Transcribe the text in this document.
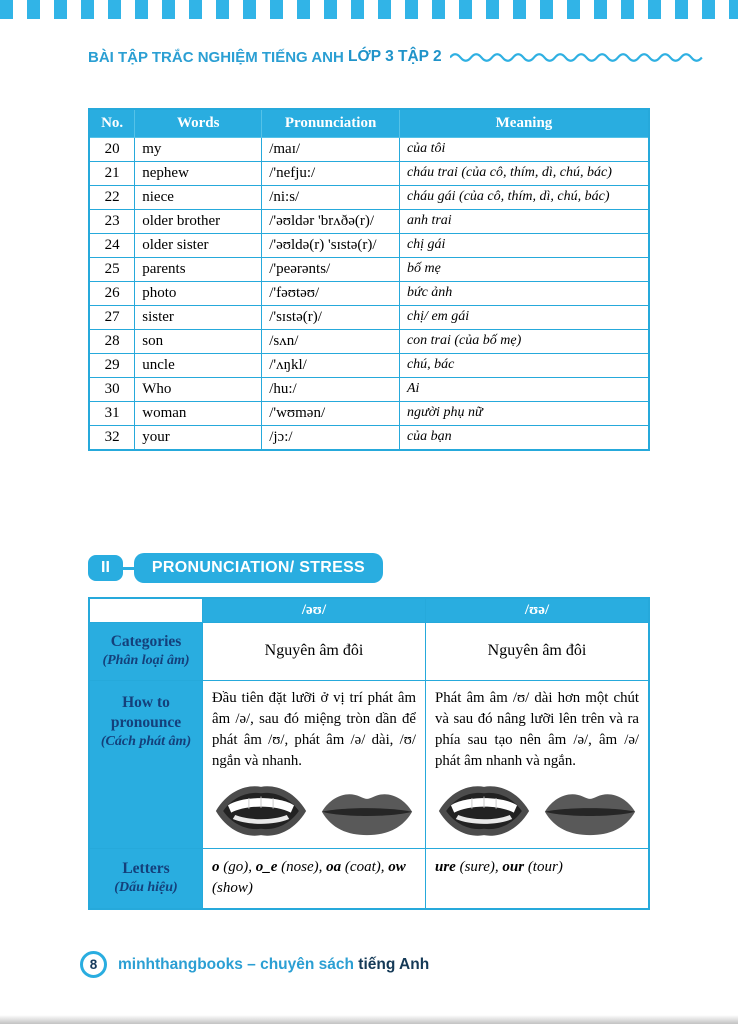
BÀI TẬP TRẮC NGHIỆM TIẾNG ANH LỚP 3 TẬP 2
No.	Words	Pronunciation	Meaning
20	my	/maɪ/	của tôi
21	nephew	/'nefju:/	cháu trai (của cô, thím, dì, chú, bác)
22	niece	/ni:s/	cháu gái (của cô, thím, dì, chú, bác)
23	older brother	/'əʊldər 'brʌðə(r)/	anh trai
24	older sister	/'əʊldə(r) 'sɪstə(r)/	chị gái
25	parents	/'peərənts/	bố mẹ
26	photo	/'fəʊtəʊ/	bức ảnh
27	sister	/'sɪstə(r)/	chị/ em gái
28	son	/sʌn/	con trai (của bố mẹ)
29	uncle	/'ʌŋkl/	chú, bác
30	Who	/hu:/	Ai
31	woman	/'wʊmən/	người phụ nữ
32	your	/jɔ:/	của bạn
II	PRONUNCIATION/ STRESS
	/əʊ/	/ʊə/

Categories
(Phân loại âm)	Nguyên âm đôi	Nguyên âm đôi

How to pronounce
(Cách phát âm)	Đầu tiên đặt lưỡi ở vị trí phát âm âm /ə/, sau đó miệng tròn dần để phát âm /ʊ/, phát âm /ə/ dài, /ʊ/ ngắn và nhanh.	Phát âm âm /ʊ/ dài hơn một chút và sau đó nâng lưỡi lên trên và ra phía sau tạo nên âm /ə/, âm /ə/ phát âm nhanh và ngắn.

Letters
(Dấu hiệu)	o (go), o_e (nose), oa (coat), ow (show)	ure (sure), our (tour)
8	minhthangbooks – chuyên sách tiếng Anh
